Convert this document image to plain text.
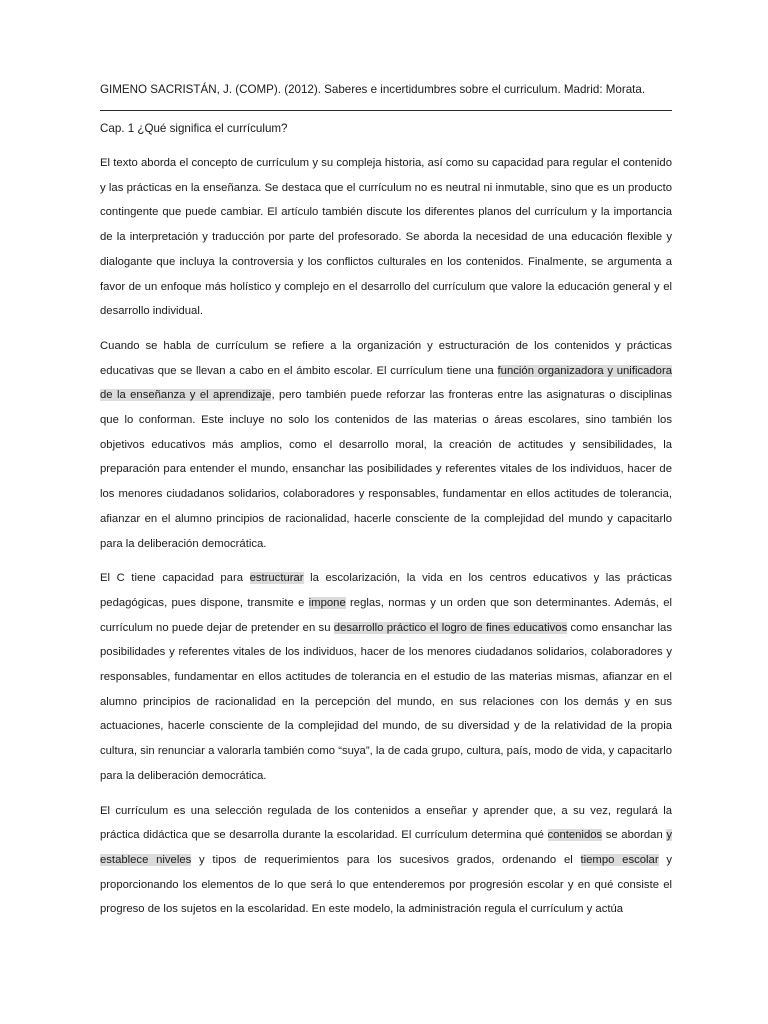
GIMENO SACRISTÁN, J. (COMP). (2012). Saberes e incertidumbres sobre el curriculum. Madrid: Morata.
Cap. 1 ¿Qué significa el currículum?

El texto aborda el concepto de currículum y su compleja historia, así como su capacidad para regular el contenido y las prácticas en la enseñanza. Se destaca que el currículum no es neutral ni inmutable, sino que es un producto contingente que puede cambiar. El artículo también discute los diferentes planos del currículum y la importancia de la interpretación y traducción por parte del profesorado. Se aborda la necesidad de una educación flexible y dialogante que incluya la controversia y los conflictos culturales en los contenidos. Finalmente, se argumenta a favor de un enfoque más holístico y complejo en el desarrollo del currículum que valore la educación general y el desarrollo individual.

Cuando se habla de currículum se refiere a la organización y estructuración de los contenidos y prácticas educativas que se llevan a cabo en el ámbito escolar. El currículum tiene una función organizadora y unificadora de la enseñanza y el aprendizaje, pero también puede reforzar las fronteras entre las asignaturas o disciplinas que lo conforman. Este incluye no solo los contenidos de las materias o áreas escolares, sino también los objetivos educativos más amplios, como el desarrollo moral, la creación de actitudes y sensibilidades, la preparación para entender el mundo, ensanchar las posibilidades y referentes vitales de los individuos, hacer de los menores ciudadanos solidarios, colaboradores y responsables, fundamentar en ellos actitudes de tolerancia, afianzar en el alumno principios de racionalidad, hacerle consciente de la complejidad del mundo y capacitarlo para la deliberación democrática.

El C tiene capacidad para estructurar la escolarización, la vida en los centros educativos y las prácticas pedagógicas, pues dispone, transmite e impone reglas, normas y un orden que son determinantes. Además, el currículum no puede dejar de pretender en su desarrollo práctico el logro de fines educativos como ensanchar las posibilidades y referentes vitales de los individuos, hacer de los menores ciudadanos solidarios, colaboradores y responsables, fundamentar en ellos actitudes de tolerancia en el estudio de las materias mismas, afianzar en el alumno principios de racionalidad en la percepción del mundo, en sus relaciones con los demás y en sus actuaciones, hacerle consciente de la complejidad del mundo, de su diversidad y de la relatividad de la propia cultura, sin renunciar a valorarla también como “suya”, la de cada grupo, cultura, país, modo de vida, y capacitarlo para la deliberación democrática.

El currículum es una selección regulada de los contenidos a enseñar y aprender que, a su vez, regulará la práctica didáctica que se desarrolla durante la escolaridad. El currículum determina qué contenidos se abordan y establece niveles y tipos de requerimientos para los sucesivos grados, ordenando el tiempo escolar y proporcionando los elementos de lo que será lo que entenderemos por progresión escolar y en qué consiste el progreso de los sujetos en la escolaridad. En este modelo, la administración regula el currículum y actúa
